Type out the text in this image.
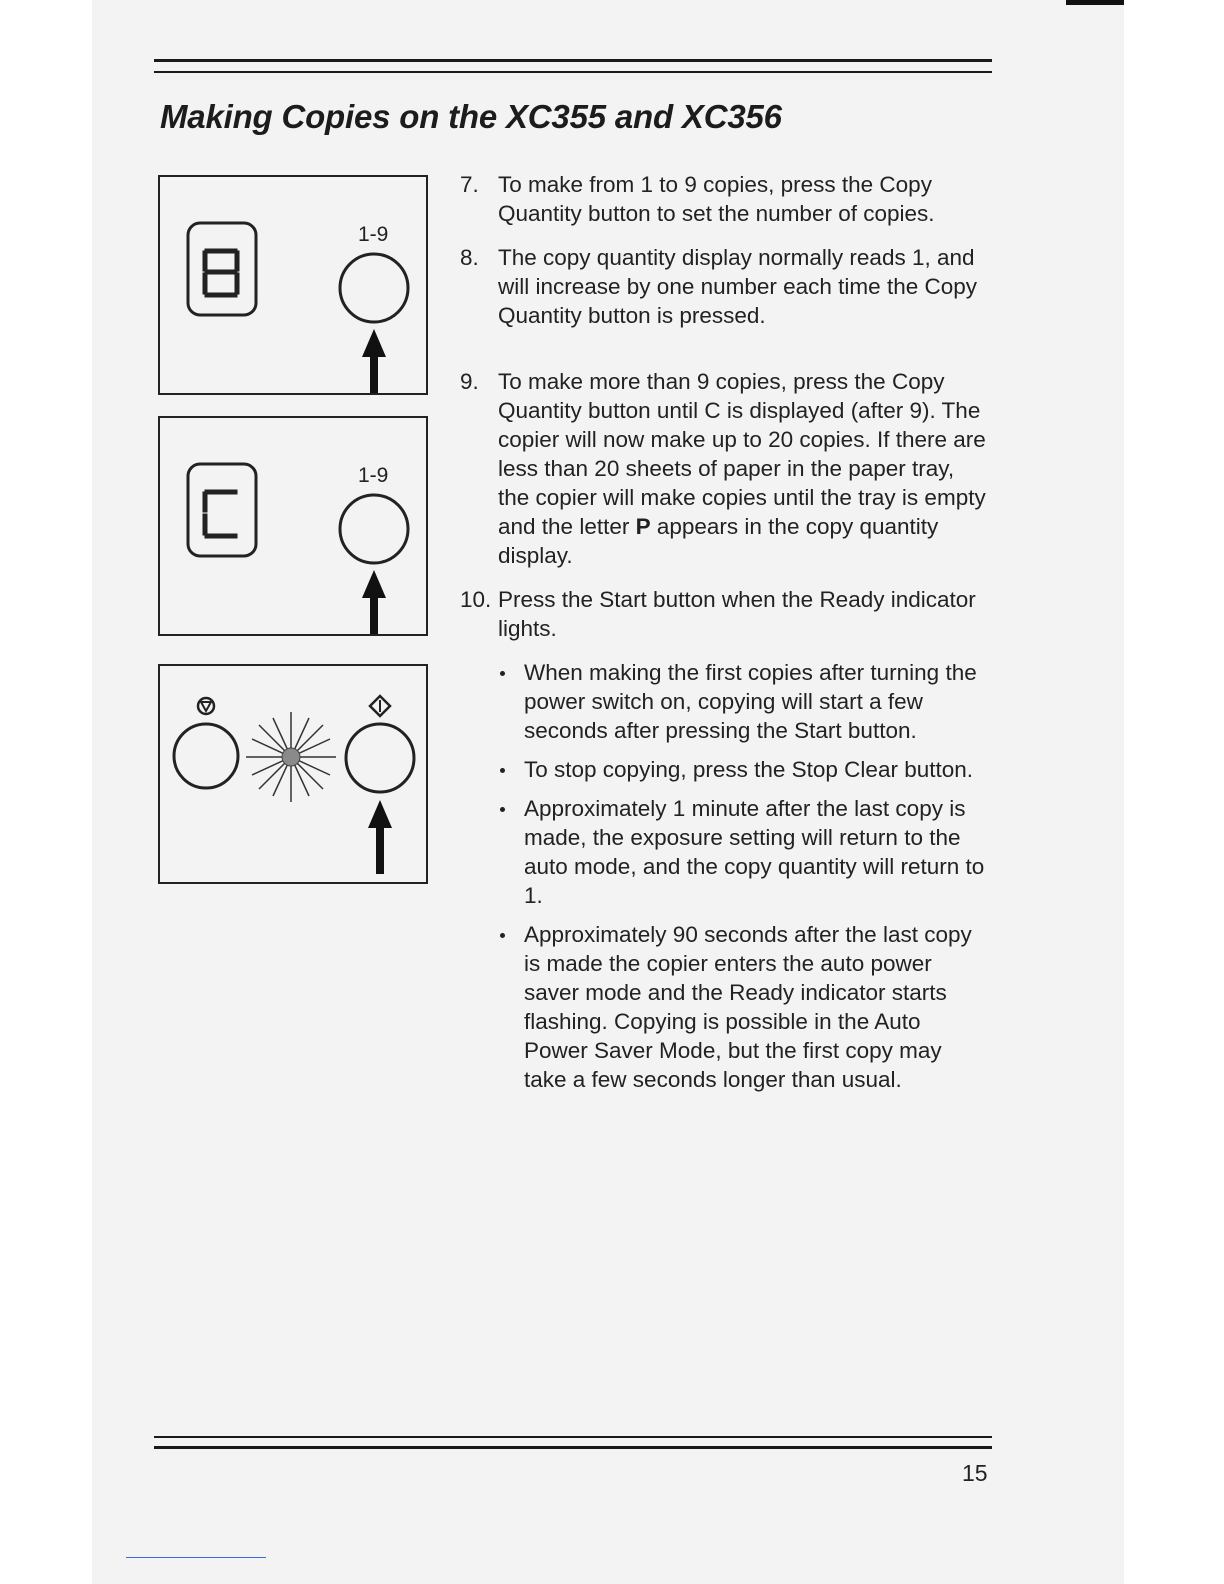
Making Copies on the XC355 and XC356
1-9
1-9

7. To make from 1 to 9 copies, press the Copy Quantity button to set the number of copies.

8. The copy quantity display normally reads 1, and will increase by one number each time the Copy Quantity button is pressed.

9. To make more than 9 copies, press the Copy Quantity button until C is displayed (after 9). The copier will now make up to 20 copies. If there are less than 20 sheets of paper in the paper tray, the copier will make copies until the tray is empty and the letter P appears in the copy quantity display.

10. Press the Start button when the Ready indicator lights.

When making the first copies after turning the power switch on, copying will start a few seconds after pressing the Start button.
To stop copying, press the Stop Clear button.
Approximately 1 minute after the last copy is made, the exposure setting will return to the auto mode, and the copy quantity will return to 1.
Approximately 90 seconds after the last copy is made the copier enters the auto power saver mode and the Ready indicator starts flashing. Copying is possible in the Auto Power Saver Mode, but the first copy may take a few seconds longer than usual.
15
